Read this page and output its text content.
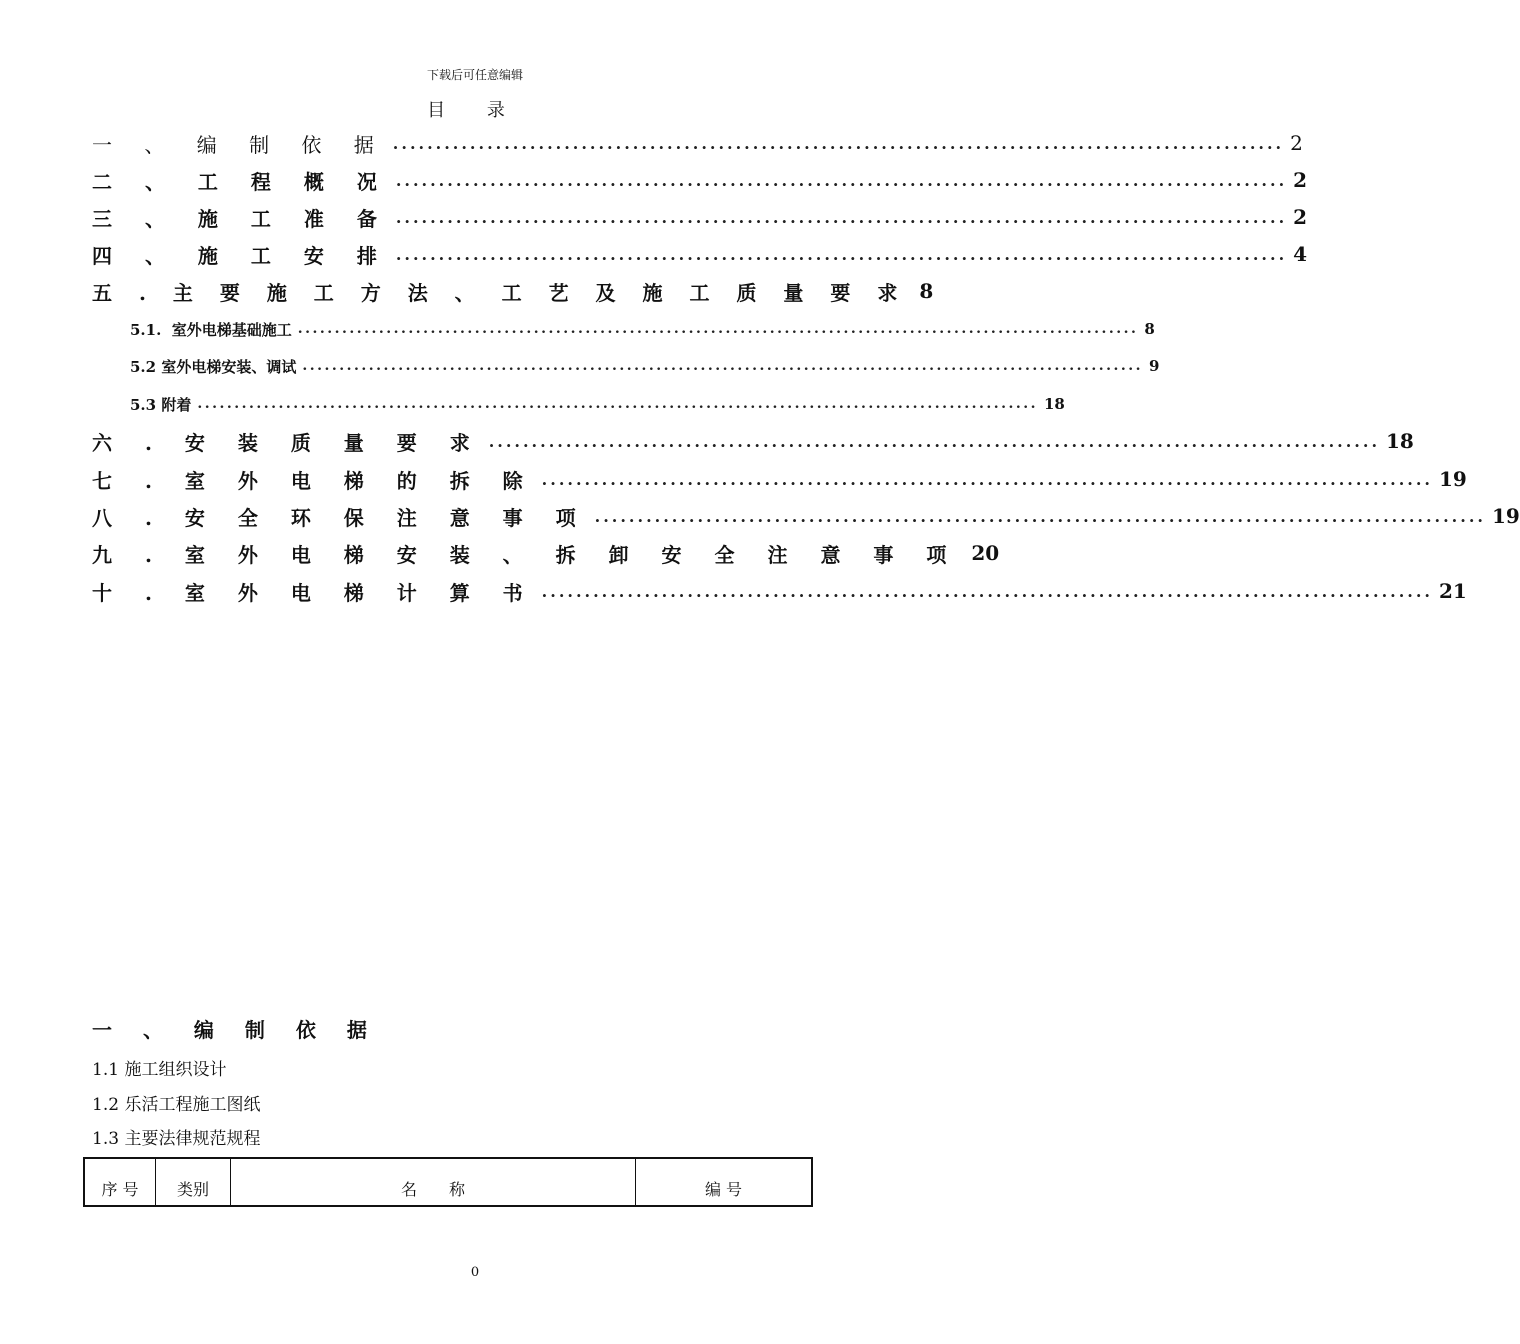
下载后可任意编辑
目 录
一 、 编 制 依 据 ........................................................................................................ 2
二 、 工 程 概 况 ........................................................................................................ 2
三 、 施 工 准 备 ........................................................................................................ 2
四 、 施 工 安 排 ........................................................................................................ 4
五 . 主 要 施 工 方 法 、 工 艺 及 施 工 质 量 要 求 8
5.1.  室外电梯基础施工 .................................................................................................................. 8
5.2 室外电梯安装、调试 .................................................................................................................. 9
5.3 附着 .................................................................................................................. 18
六 . 安 装 质 量 要 求 ........................................................................................................ 18
七 . 室 外 电 梯 的 拆 除 ........................................................................................................ 19
八 . 安 全 环 保 注 意 事 项 ........................................................................................................ 19
九 . 室 外 电 梯 安 装 、 拆 卸 安 全 注 意 事 项 20
十 . 室 外 电 梯 计 算 书 ........................................................................................................ 21
一 、 编 制 依 据
1.1 施工组织设计
1.2 乐活工程施工图纸
1.3 主要法律规范规程
序 号	类别	名　　称	编 号
0
